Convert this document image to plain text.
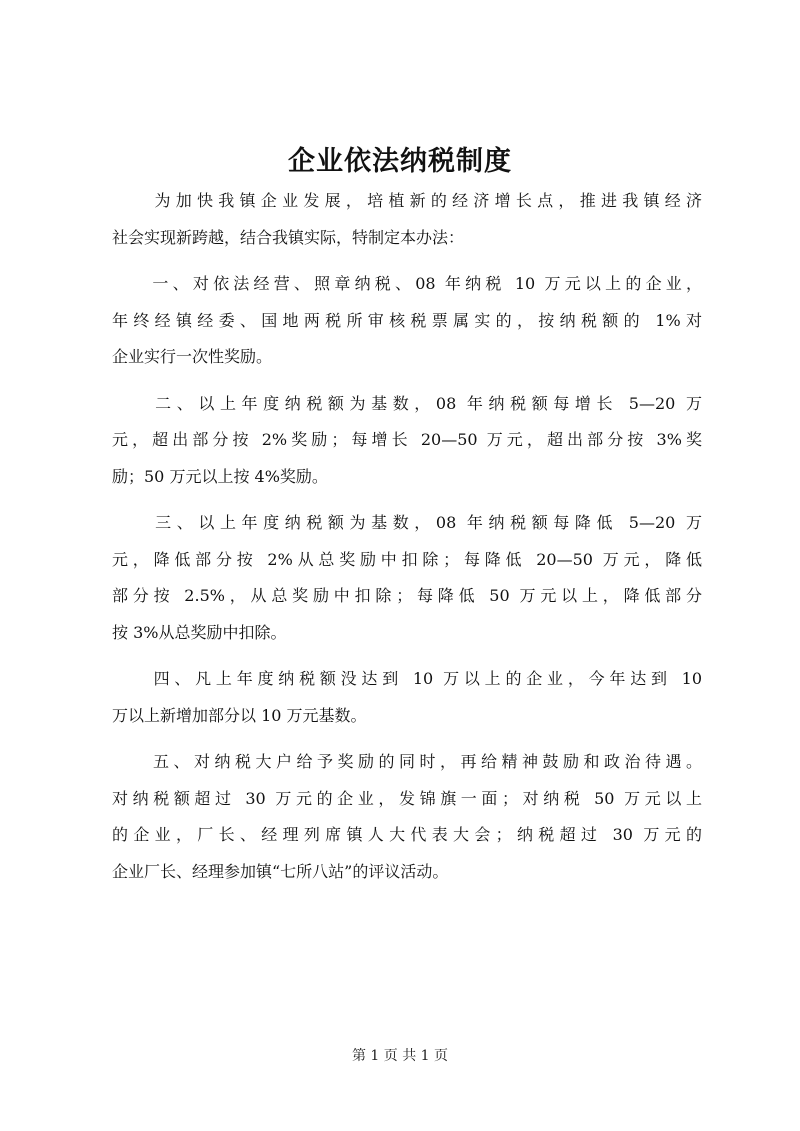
企业依法纳税制度
　　为加快我镇企业发展，培植新的经济增长点，推进我镇经济
社会实现新跨越，结合我镇实际，特制定本办法：
　　一、对依法经营、照章纳税、08 年纳税 10 万元以上的企业，
年终经镇经委、国地两税所审核税票属实的，按纳税额的 1%对
企业实行一次性奖励。
　　二、以上年度纳税额为基数，08 年纳税额每增长 5—20 万
元，超出部分按 2%奖励；每增长 20—50 万元，超出部分按 3%奖
励；50 万元以上按 4%奖励。
　　三、以上年度纳税额为基数，08 年纳税额每降低 5—20 万
元，降低部分按 2%从总奖励中扣除；每降低 20—50 万元，降低
部分按 2.5%，从总奖励中扣除；每降低 50 万元以上，降低部分
按 3%从总奖励中扣除。
　　四、凡上年度纳税额没达到 10 万以上的企业，今年达到 10
万以上新增加部分以 10 万元基数。
　　五、对纳税大户给予奖励的同时，再给精神鼓励和政治待遇。
对纳税额超过 30 万元的企业，发锦旗一面；对纳税 50 万元以上
的企业，厂长、经理列席镇人大代表大会；纳税超过 30 万元的
企业厂长、经理参加镇“七所八站”的评议活动。
第 1 页 共 1 页
